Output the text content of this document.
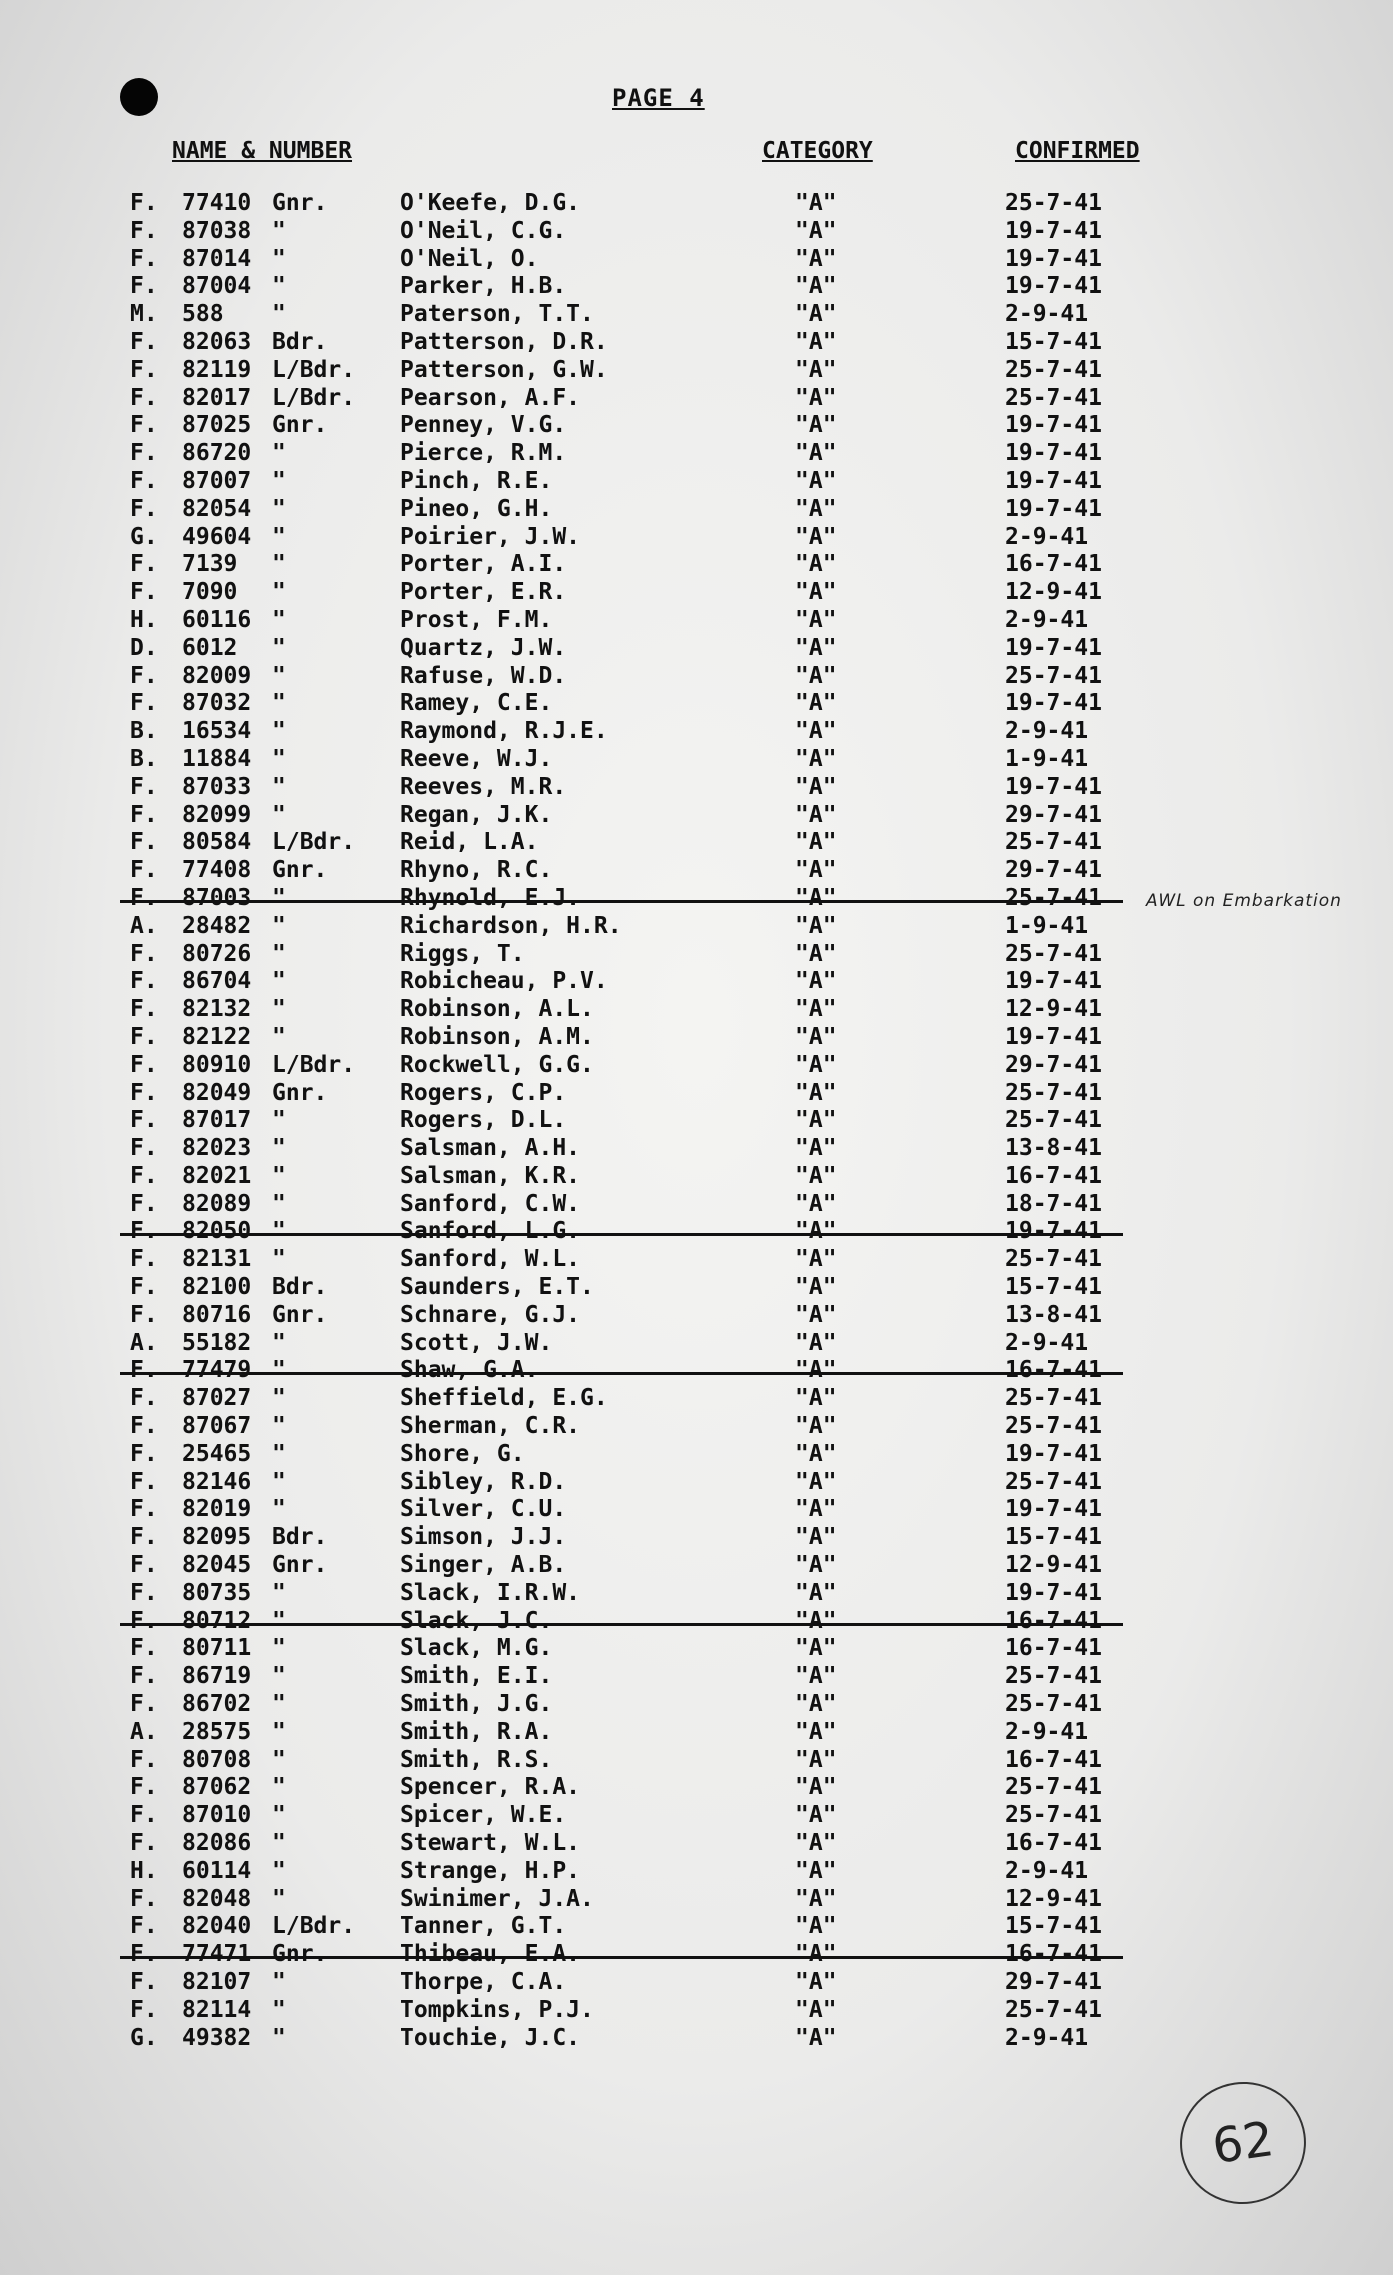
PAGE 4
NAME & NUMBER	CATEGORY	CONFIRMED
F. 77410 Gnr.	O'Keefe, D.G.	"A"	25-7-41
F. 87038 "	O'Neil, C.G.	"A"	19-7-41
F. 87014 "	O'Neil, O.	"A"	19-7-41
F. 87004 "	Parker, H.B.	"A"	19-7-41
M. 588 "	Paterson, T.T.	"A"	2-9-41
F. 82063 Bdr.	Patterson, D.R.	"A"	15-7-41
F. 82119 L/Bdr. Patterson, G.W.	"A"	25-7-41
F. 82017 L/Bdr. Pearson, A.F.	"A"	25-7-41
F. 87025 Gnr.	Penney, V.G.	"A"	19-7-41
F. 86720 "	Pierce, R.M.	"A"	19-7-41
F. 87007 "	Pinch, R.E.	"A"	19-7-41
F. 82054 "	Pineo, G.H.	"A"	19-7-41
G. 49604 "	Poirier, J.W.	"A"	2-9-41
F. 7139 "	Porter, A.I.	"A"	16-7-41
F. 7090 "	Porter, E.R.	"A"	12-9-41
H. 60116 "	Prost, F.M.	"A"	2-9-41
D. 6012 "	Quartz, J.W.	"A"	19-7-41
F. 82009 "	Rafuse, W.D.	"A"	25-7-41
F. 87032 "	Ramey, C.E.	"A"	19-7-41
B. 16534 "	Raymond, R.J.E.	"A"	2-9-41
B. 11884 "	Reeve, W.J.	"A"	1-9-41
F. 87033 "	Reeves, M.R.	"A"	19-7-41
F. 82099 "	Regan, J.K.	"A"	29-7-41
F. 80584 L/Bdr. Reid, L.A.	"A"	25-7-41
F. 77408 Gnr.	Rhyno, R.C.	"A"	29-7-41
F. 87003 "	Rhynold, E.J.	"A"	25-7-41
A. 28482 "	Richardson, H.R.	"A"	1-9-41
F. 80726 "	Riggs, T.	"A"	25-7-41
F. 86704 "	Robicheau, P.V.	"A"	19-7-41
F. 82132 "	Robinson, A.L.	"A"	12-9-41
F. 82122 "	Robinson, A.M.	"A"	19-7-41
F. 80910 L/Bdr. Rockwell, G.G.	"A"	29-7-41
F. 82049 Gnr.	Rogers, C.P.	"A"	25-7-41
F. 87017 "	Rogers, D.L.	"A"	25-7-41
F. 82023 "	Salsman, A.H.	"A"	13-8-41
F. 82021 "	Salsman, K.R.	"A"	16-7-41
F. 82089 "	Sanford, C.W.	"A"	18-7-41
F. 82050 "	Sanford, L.G.	"A"	19-7-41
F. 82131 "	Sanford, W.L.	"A"	25-7-41
F. 82100 Bdr.	Saunders, E.T.	"A"	15-7-41
F. 80716 Gnr.	Schnare, G.J.	"A"	13-8-41
A. 55182 "	Scott, J.W.	"A"	2-9-41
F. 77479 "	Shaw, G.A.	"A"	16-7-41
F. 87027 "	Sheffield, E.G.	"A"	25-7-41
F. 87067 "	Sherman, C.R.	"A"	25-7-41
F. 25465 "	Shore, G.	"A"	19-7-41
F. 82146 "	Sibley, R.D.	"A"	25-7-41
F. 82019 "	Silver, C.U.	"A"	19-7-41
F. 82095 Bdr.	Simson, J.J.	"A"	15-7-41
F. 82045 Gnr.	Singer, A.B.	"A"	12-9-41
F. 80735 "	Slack, I.R.W.	"A"	19-7-41
F. 80712 "	Slack, J.C.	"A"	16-7-41
F. 80711 "	Slack, M.G.	"A"	16-7-41
F. 86719 "	Smith, E.I.	"A"	25-7-41
F. 86702 "	Smith, J.G.	"A"	25-7-41
A. 28575 "	Smith, R.A.	"A"	2-9-41
F. 80708 "	Smith, R.S.	"A"	16-7-41
F. 87062 "	Spencer, R.A.	"A"	25-7-41
F. 87010 "	Spicer, W.E.	"A"	25-7-41
F. 82086 "	Stewart, W.L.	"A"	16-7-41
H. 60114 "	Strange, H.P.	"A"	2-9-41
F. 82048 "	Swinimer, J.A.	"A"	12-9-41
F. 82040 L/Bdr. Tanner, G.T.	"A"	15-7-41
F. 77471 Gnr.	Thibeau, E.A.	"A"	16-7-41
F. 82107 "	Thorpe, C.A.	"A"	29-7-41
F. 82114 "	Tompkins, P.J.	"A"	25-7-41
G. 49382 "	Touchie, J.C.	"A"	2-9-41
AWL on Embarkation
62
